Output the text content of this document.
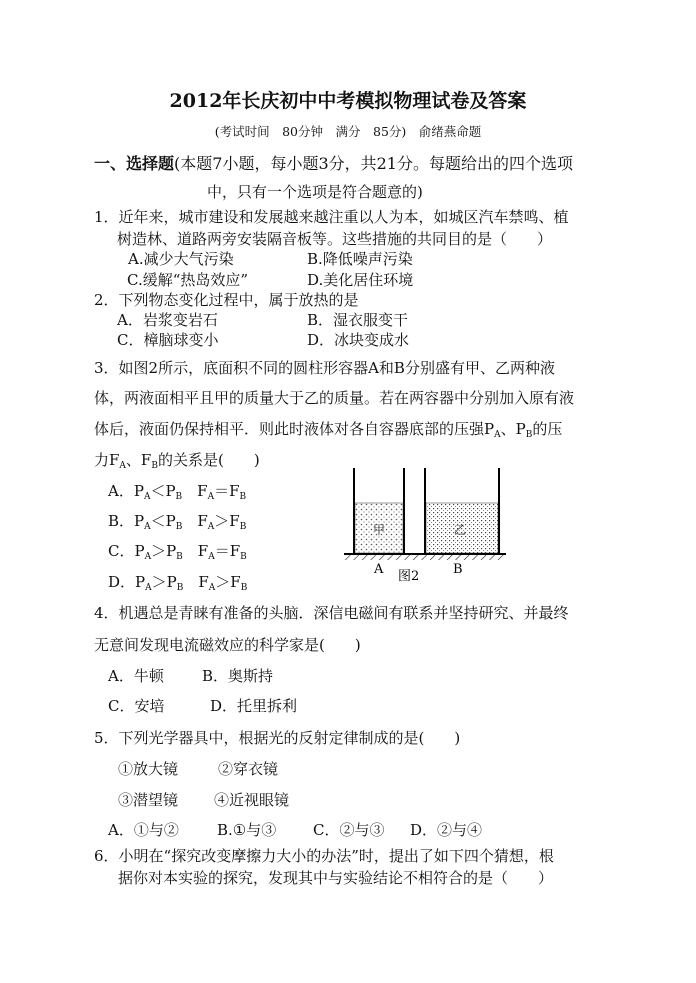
2012年长庆初中中考模拟物理试卷及答案
(考试时间　80分钟　满分　85分)　俞绪燕命题
一、选择题(本题7小题，每小题3分，共21分。每题给出的四个选项
中，只有一个选项是符合题意的)
1．近年来，城市建设和发展越来越注重以人为本，如城区汽车禁鸣、植
树造林、道路两旁安装隔音板等。这些措施的共同目的是（　　）
A.减少大气污染	B.降低噪声污染
C.缓解“热岛效应”	D.美化居住环境
2．下列物态变化过程中，属于放热的是
A．岩浆变岩石	B．湿衣服变干
C．樟脑球变小	D．冰块变成水
3．如图2所示，底面积不同的圆柱形容器A和B分别盛有甲、乙两种液
体，两液面相平且甲的质量大于乙的质量。若在两容器中分别加入原有液
体后，液面仍保持相平．则此时液体对各自容器底部的压强$P_A$、$P_B$的压
力$F_A$、$F_B$的关系是(　　)
A．$P_A<P_B$　$F_A=F_B$
B．$P_A<P_B$　$F_A>F_B$
C．$P_A>P_B$　$F_A=F_B$
D．$P_A>P_B$　$F_A>F_B$
甲	乙
A 图2	B
4．机遇总是青睐有准备的头脑．深信电磁间有联系并坚持研究、并最终
无意间发现电流磁效应的科学家是(　　)
A．牛顿	B．奥斯持
C．安培	D．托里拆利
5．下列光学器具中，根据光的反射定律制成的是(　　)
①放大镜	②穿衣镜
③潜望镜 ④近视眼镜
A．①与②	B.①与③ C．②与③ D．②与④
6．小明在“探究改变摩擦力大小的办法”时，提出了如下四个猜想，根
据你对本实验的探究，发现其中与实验结论不相符合的是（　　）
